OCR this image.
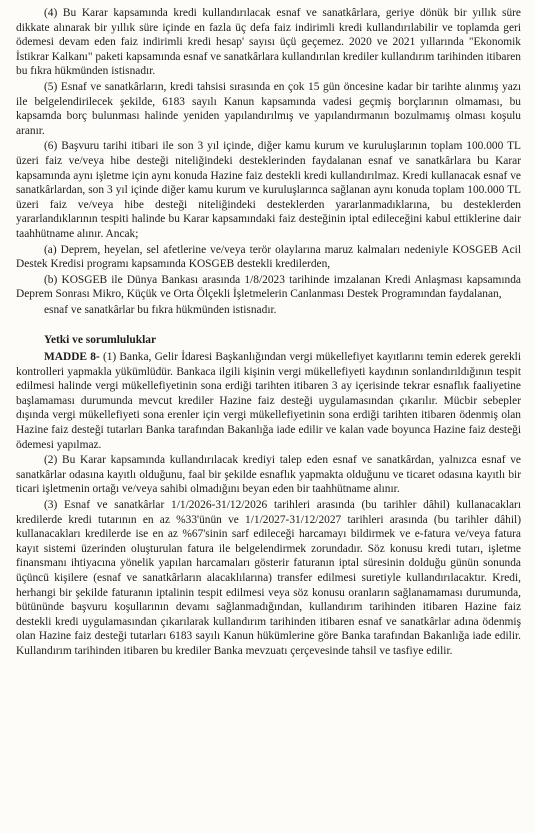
(4) Bu Karar kapsamında kredi kullandırılacak esnaf ve sanatkârlara, geriye dönük bir yıllık süre dikkate alınarak bir yıllık süre içinde en fazla üç defa faiz indirimli kredi kullandırılabilir ve toplamda geri ödemesi devam eden faiz indirimli kredi hesap' sayısı üçü geçemez. 2020 ve 2021 yıllarında "Ekonomik İstikrar Kalkanı" paketi kapsamında esnaf ve sanatkârlara kullandırılan krediler kullandırım tarihinden itibaren bu fıkra hükmünden istisnadır.

(5) Esnaf ve sanatkârların, kredi tahsisi sırasında en çok 15 gün öncesine kadar bir tarihte alınmış yazı ile belgelendirilecek şekilde, 6183 sayılı Kanun kapsamında vadesi geçmiş borçlarının olmaması, bu kapsamda borç bulunması halinde yeniden yapılandırılmış ve yapılandırmanın bozulmamış olması koşulu aranır.

(6) Başvuru tarihi itibari ile son 3 yıl içinde, diğer kamu kurum ve kuruluşlarının toplam 100.000 TL üzeri faiz ve/veya hibe desteği niteliğindeki desteklerinden faydalanan esnaf ve sanatkârlara bu Karar kapsamında aynı işletme için aynı konuda Hazine faiz destekli kredi kullandırılmaz. Kredi kullanacak esnaf ve sanatkârlardan, son 3 yıl içinde diğer kamu kurum ve kuruluşlarınca sağlanan aynı konuda toplam 100.000 TL üzeri faiz ve/veya hibe desteği niteliğindeki desteklerden yararlanmadıklarına, bu desteklerden yararlandıklarının tespiti halinde bu Karar kapsamındaki faiz desteğinin iptal edileceğini kabul ettiklerine dair taahhütname alınır. Ancak;

(a) Deprem, heyelan, sel afetlerine ve/veya terör olaylarına maruz kalmaları nedeniyle KOSGEB Acil Destek Kredisi programı kapsamında KOSGEB destekli kredilerden,

(b) KOSGEB ile Dünya Bankası arasında 1/8/2023 tarihinde imzalanan Kredi Anlaşması kapsamında Deprem Sonrası Mikro, Küçük ve Orta Ölçekli İşletmelerin Canlanması Destek Programından faydalanan,

esnaf ve sanatkârlar bu fıkra hükmünden istisnadır.

Yetki ve sorumluluklar

MADDE 8- (1) Banka, Gelir İdaresi Başkanlığından vergi mükellefiyet kayıtlarını temin ederek gerekli kontrolleri yapmakla yükümlüdür. Bankaca ilgili kişinin vergi mükellefiyeti kaydının sonlandırıldığının tespit edilmesi halinde vergi mükellefiyetinin sona erdiği tarihten itibaren 3 ay içerisinde tekrar esnaflık faaliyetine başlamaması durumunda mevcut krediler Hazine faiz desteği uygulamasından çıkarılır. Mücbir sebepler dışında vergi mükellefiyeti sona erenler için vergi mükellefiyetinin sona erdiği tarihten itibaren ödenmiş olan Hazine faiz desteği tutarları Banka tarafından Bakanlığa iade edilir ve kalan vade boyunca Hazine faiz desteği ödemesi yapılmaz.

(2) Bu Karar kapsamında kullandırılacak krediyi talep eden esnaf ve sanatkârdan, yalnızca esnaf ve sanatkârlar odasına kayıtlı olduğunu, faal bir şekilde esnaflık yapmakta olduğunu ve ticaret odasına kayıtlı bir ticari işletmenin ortağı ve/veya sahibi olmadığını beyan eden bir taahhütname alınır.

(3) Esnaf ve sanatkârlar 1/1/2026-31/12/2026 tarihleri arasında (bu tarihler dâhil) kullanacakları kredilerde kredi tutarının en az %33'ünün ve 1/1/2027-31/12/2027 tarihleri arasında (bu tarihler dâhil) kullanacakları kredilerde ise en az %67'sinin sarf edileceği harcamayı bildirmek ve e-fatura ve/veya fatura kayıt sistemi üzerinden oluşturulan fatura ile belgelendirmek zorundadır. Söz konusu kredi tutarı, işletme finansmanı ihtiyacına yönelik yapılan harcamaları gösterir faturanın iptal süresinin dolduğu günün sonunda üçüncü kişilere (esnaf ve sanatkârların alacaklılarına) transfer edilmesi suretiyle kullandırılacaktır. Kredi, herhangi bir şekilde faturanın iptalinin tespit edilmesi veya söz konusu oranların sağlanamaması durumunda, bütününde başvuru koşullarının devamı sağlanmadığından, kullandırım tarihinden itibaren Hazine faiz destekli kredi uygulamasından çıkarılarak kullandırım tarihinden itibaren esnaf ve sanatkârlar adına ödenmiş olan Hazine faiz desteği tutarları 6183 sayılı Kanun hükümlerine göre Banka tarafından Bakanlığa iade edilir. Kullandırım tarihinden itibaren bu krediler Banka mevzuatı çerçevesinde tahsil ve tasfiye edilir.
